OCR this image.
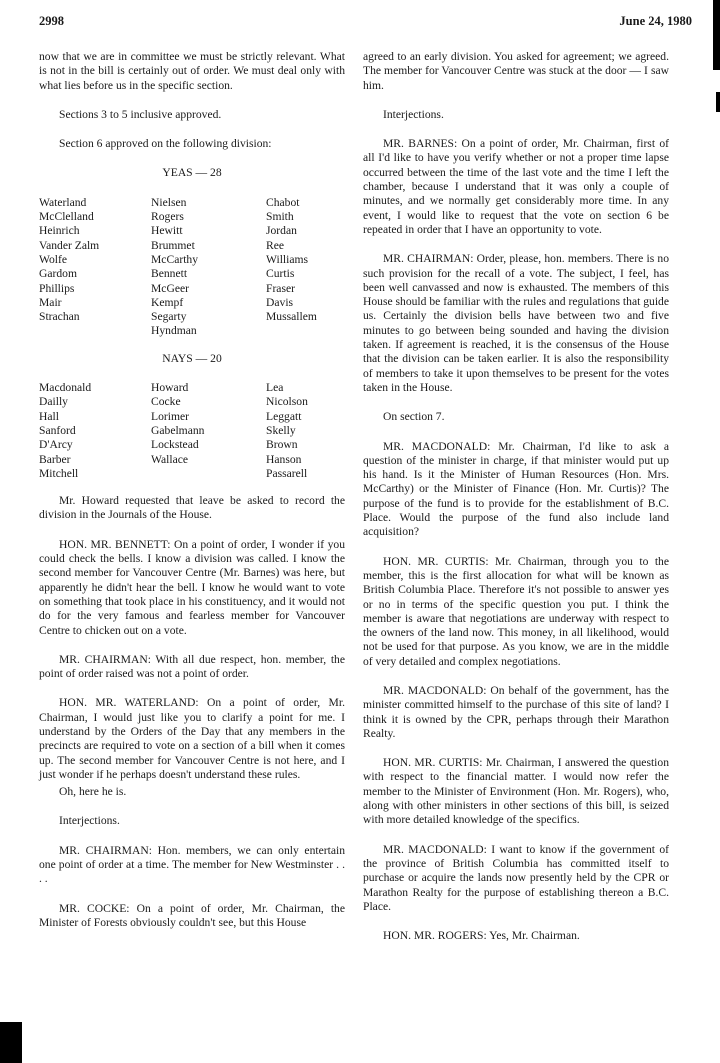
2998	June 24, 1980

now that we are in committee we must be strictly relevant. What is not in the bill is certainly out of order. We must deal only with what lies before us in the specific section.

Sections 3 to 5 inclusive approved.

Section 6 approved on the following division:

YEAS — 28

Waterland	Nielsen	Chabot
McClelland	Rogers	Smith
Heinrich	Hewitt	Jordan
Vander Zalm	Brummet	Ree
Wolfe	McCarthy	Williams
Gardom	Bennett	Curtis
Phillips	McGeer	Fraser
Mair	Kempf	Davis
Strachan	Segarty	Mussallem
	Hyndman	

NAYS — 20

Macdonald	Howard	Lea
Dailly	Cocke	Nicolson
Hall	Lorimer	Leggatt
Sanford	Gabelmann	Skelly
D'Arcy	Lockstead	Brown
Barber	Wallace	Hanson
Mitchell		Passarell

Mr. Howard requested that leave be asked to record the division in the Journals of the House.

HON. MR. BENNETT: On a point of order, I wonder if you could check the bells. I know a division was called. I know the second member for Vancouver Centre (Mr. Barnes) was here, but apparently he didn't hear the bell. I know he would want to vote on something that took place in his constituency, and it would not do for the very famous and fearless member for Vancouver Centre to chicken out on a vote.

MR. CHAIRMAN: With all due respect, hon. member, the point of order raised was not a point of order.

HON. MR. WATERLAND: On a point of order, Mr. Chairman, I would just like you to clarify a point for me. I understand by the Orders of the Day that any members in the precincts are required to vote on a section of a bill when it comes up. The second member for Vancouver Centre is not here, and I just wonder if he perhaps doesn't understand these rules.

Oh, here he is.

Interjections.

MR. CHAIRMAN: Hon. members, we can only entertain one point of order at a time. The member for New Westminster . . . .

MR. COCKE: On a point of order, Mr. Chairman, the Minister of Forests obviously couldn't see, but this House

agreed to an early division. You asked for agreement; we agreed. The member for Vancouver Centre was stuck at the door — I saw him.

Interjections.

MR. BARNES: On a point of order, Mr. Chairman, first of all I'd like to have you verify whether or not a proper time lapse occurred between the time of the last vote and the time I left the chamber, because I understand that it was only a couple of minutes, and we normally get considerably more time. In any event, I would like to request that the vote on section 6 be repeated in order that I have an opportunity to vote.

MR. CHAIRMAN: Order, please, hon. members. There is no such provision for the recall of a vote. The subject, I feel, has been well canvassed and now is exhausted. The members of this House should be familiar with the rules and regulations that guide us. Certainly the division bells have between two and five minutes to go between being sounded and having the division taken. If agreement is reached, it is the consensus of the House that the division can be taken earlier. It is also the responsibility of members to take it upon themselves to be present for the votes taken in the House.

On section 7.

MR. MACDONALD: Mr. Chairman, I'd like to ask a question of the minister in charge, if that minister would put up his hand. Is it the Minister of Human Resources (Hon. Mrs. McCarthy) or the Minister of Finance (Hon. Mr. Curtis)? The purpose of the fund is to provide for the establishment of B.C. Place. Would the purpose of the fund also include land acquisition?

HON. MR. CURTIS: Mr. Chairman, through you to the member, this is the first allocation for what will be known as British Columbia Place. Therefore it's not possible to answer yes or no in terms of the specific question you put. I think the member is aware that negotiations are underway with respect to the owners of the land now. This money, in all likelihood, would not be used for that purpose. As you know, we are in the middle of very detailed and complex negotiations.

MR. MACDONALD: On behalf of the government, has the minister committed himself to the purchase of this site of land? I think it is owned by the CPR, perhaps through their Marathon Realty.

HON. MR. CURTIS: Mr. Chairman, I answered the question with respect to the financial matter. I would now refer the member to the Minister of Environment (Hon. Mr. Rogers), who, along with other ministers in other sections of this bill, is seized with more detailed knowledge of the specifics.

MR. MACDONALD: I want to know if the government of the province of British Columbia has committed itself to purchase or acquire the lands now presently held by the CPR or Marathon Realty for the purpose of establishing thereon a B.C. Place.

HON. MR. ROGERS: Yes, Mr. Chairman.
